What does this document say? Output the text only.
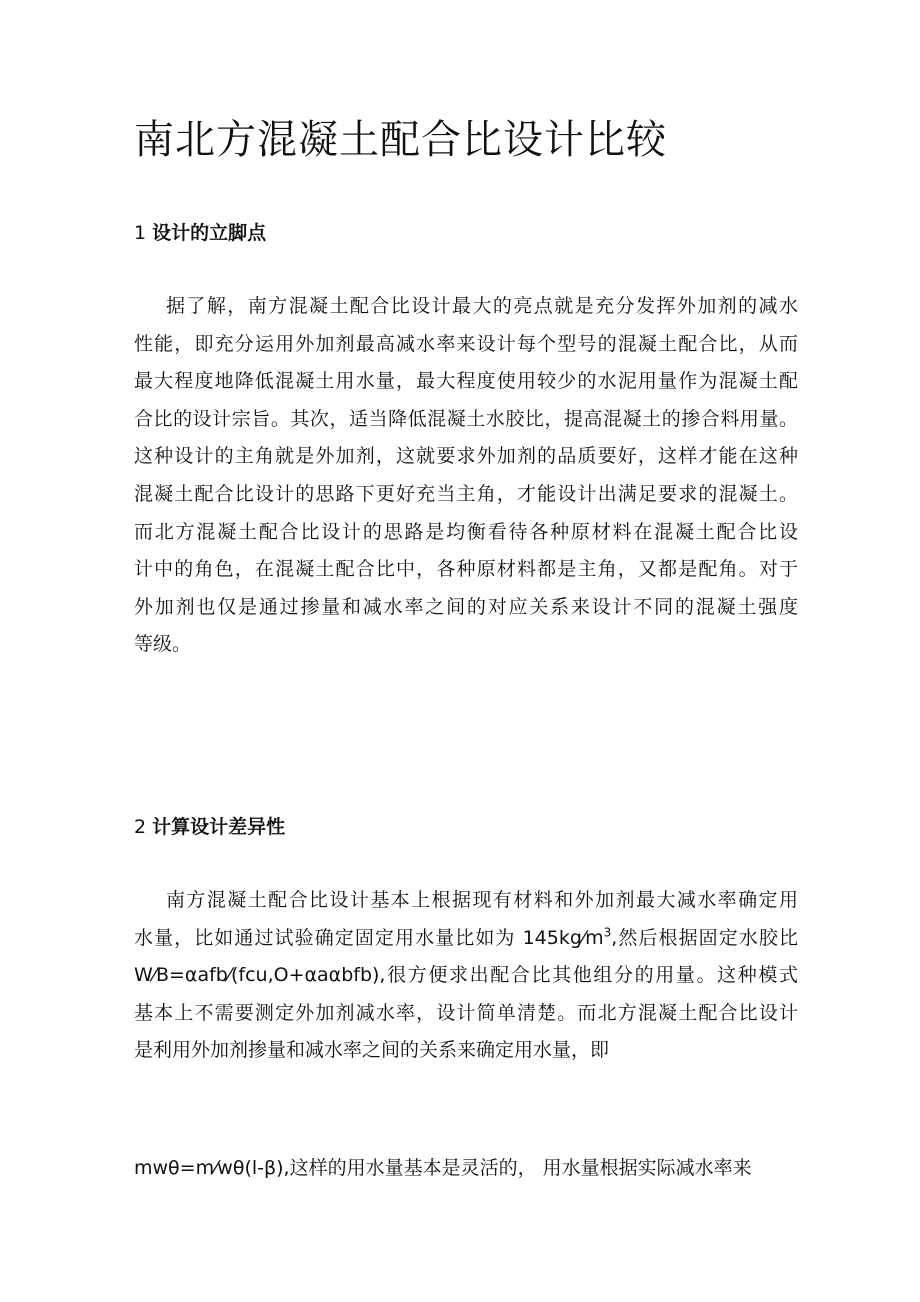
南北方混凝土配合比设计比较
1 设计的立脚点
据了解，南方混凝土配合比设计最大的亮点就是充分发挥外加剂的减水
性能，即充分运用外加剂最高减水率来设计每个型号的混凝土配合比，从而
最大程度地降低混凝土用水量，最大程度使用较少的水泥用量作为混凝土配
合比的设计宗旨。其次，适当降低混凝土水胶比，提高混凝土的掺合料用量。
这种设计的主角就是外加剂，这就要求外加剂的品质要好，这样才能在这种
混凝土配合比设计的思路下更好充当主角，才能设计出满足要求的混凝土。
而北方混凝土配合比设计的思路是均衡看待各种原材料在混凝土配合比设
计中的角色，在混凝土配合比中，各种原材料都是主角，又都是配角。对于
外加剂也仅是通过掺量和减水率之间的对应关系来设计不同的混凝土强度
等级。
2 计算设计差异性
南方混凝土配合比设计基本上根据现有材料和外加剂最大减水率确定用
水量，比如通过试验确定固定用水量比如为 $145kg⁄m^3$,然后根据固定水胶比
W⁄B=αafb⁄(fcu,O+αaαbfb),很方便求出配合比其他组分的用量。这种模式
基本上不需要测定外加剂减水率，设计简单清楚。而北方混凝土配合比设计
是利用外加剂掺量和减水率之间的关系来确定用水量，即
mwθ=m⁄wθ(l-β),这样的用水量基本是灵活的， 用水量根据实际减水率来
